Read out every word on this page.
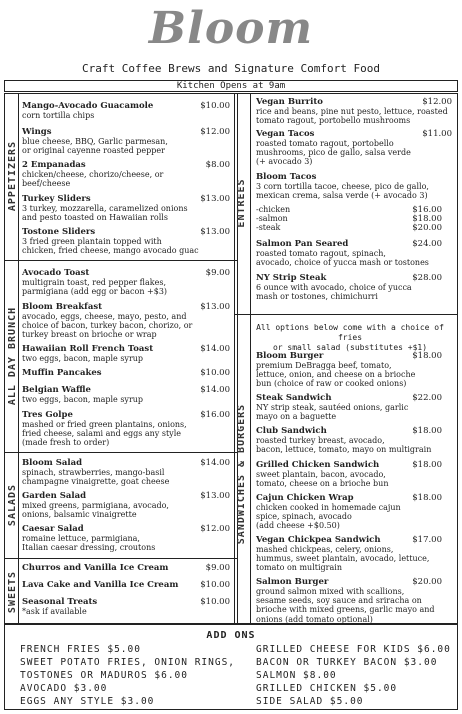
Bloom
Craft Coffee Brews and Signature Comfort Food
Kitchen Opens at 9am
APPETIZERS
ALL DAY BRUNCH
SALADS
SWEETS
ENTREES
SANDWICHES & BURGERS
Mango-Avocado Guacamole
corn tortilla chips
$10.00
Wings
blue cheese, BBQ, Garlic parmesan,
or original cayenne roasted pepper
$12.00
2 Empanadas
chicken/cheese, chorizo/cheese, or
beef/cheese
$8.00
Turkey Sliders
3 turkey, mozzarella, caramelized onions
and pesto toasted on Hawaiian rolls
$13.00
Tostone Sliders
3 fried green plantain topped with
chicken, fried cheese, mango avocado guac
$13.00
Avocado Toast
multigrain toast, red pepper flakes,
parmigiana (add egg or bacon +$3)
$9.00
Bloom Breakfast
avocado, eggs, cheese, mayo, pesto, and
choice of bacon, turkey bacon, chorizo, or
turkey breast on brioche or wrap
$13.00
Hawaiian Roll French Toast
two eggs, bacon, maple syrup
$14.00
Muffin Pancakes	$10.00
Belgian Waffle
two eggs, bacon, maple syrup
$14.00
Tres Golpe
mashed or fried green plantains, onions,
fried cheese, salami and eggs any style
(made fresh to order)
$16.00
Bloom Salad
spinach, strawberries, mango-basil
champagne vinaigrette, goat cheese
$14.00
Garden Salad
mixed greens, parmigiana, avocado,
onions, balsamic vinaigrette
$13.00
Caesar Salad
romaine lettuce, parmigiana,
Italian caesar dressing, croutons
$12.00
Churros and Vanilla Ice Cream	$9.00
Lava Cake and Vanilla Ice Cream	$10.00
Seasonal Treats
*ask if available
$10.00
Vegan Burrito
rice and beans, pine nut pesto, lettuce, roasted
tomato ragout, portobello mushrooms
$12.00
Vegan Tacos
roasted tomato ragout, portobello
mushrooms, pico de gallo, salsa verde
(+ avocado 3)
$11.00
Bloom Tacos
3 corn tortilla tacoe, cheese, pico de gallo,
mexican crema, salsa verde (+ avocado 3)
-chicken	$16.00
-salmon	$18.00
-steak	$20.00
Salmon Pan Seared
roasted tomato ragout, spinach,
avocado, choice of yucca mash or tostones
$24.00
NY Strip Steak
6 ounce with avocado, choice of yucca
mash or tostones, chimichurri
$28.00
All options below come with a choice of fries
or small salad (substitutes +$1)
Bloom Burger
premium DeBragga beef, tomato,
lettuce, onion, and cheese on a brioche
bun (choice of raw or cooked onions)
$18.00
Steak Sandwich
NY strip steak, sautéed onions, garlic
mayo on a baguette
$22.00
Club Sandwich
roasted turkey breast, avocado,
bacon, lettuce, tomato, mayo on multigrain
$18.00
Grilled Chicken Sandwich
sweet plantain, bacon, avocado,
tomato, cheese on a brioche bun
$18.00
Cajun Chicken Wrap
chicken cooked in homemade cajun
spice, spinach, avocado
(add cheese +$0.50)
$18.00
Vegan Chickpea Sandwich
mashed chickpeas, celery, onions,
hummus, sweet plantain, avocado, lettuce,
tomato on multigrain
$17.00
Salmon Burger
ground salmon mixed with scallions,
sesame seeds, soy sauce and sriracha on
brioche with mixed greens, garlic mayo and
onions (add tomato optional)
$20.00
ADD ONS
FRENCH FRIES $5.00
SWEET POTATO FRIES, ONION RINGS,
TOSTONES OR MADUROS $6.00
AVOCADO $3.00
EGGS ANY STYLE $3.00
GRILLED CHEESE FOR KIDS $6.00
BACON OR TURKEY BACON $3.00
SALMON $8.00
GRILLED CHICKEN $5.00
SIDE SALAD $5.00
